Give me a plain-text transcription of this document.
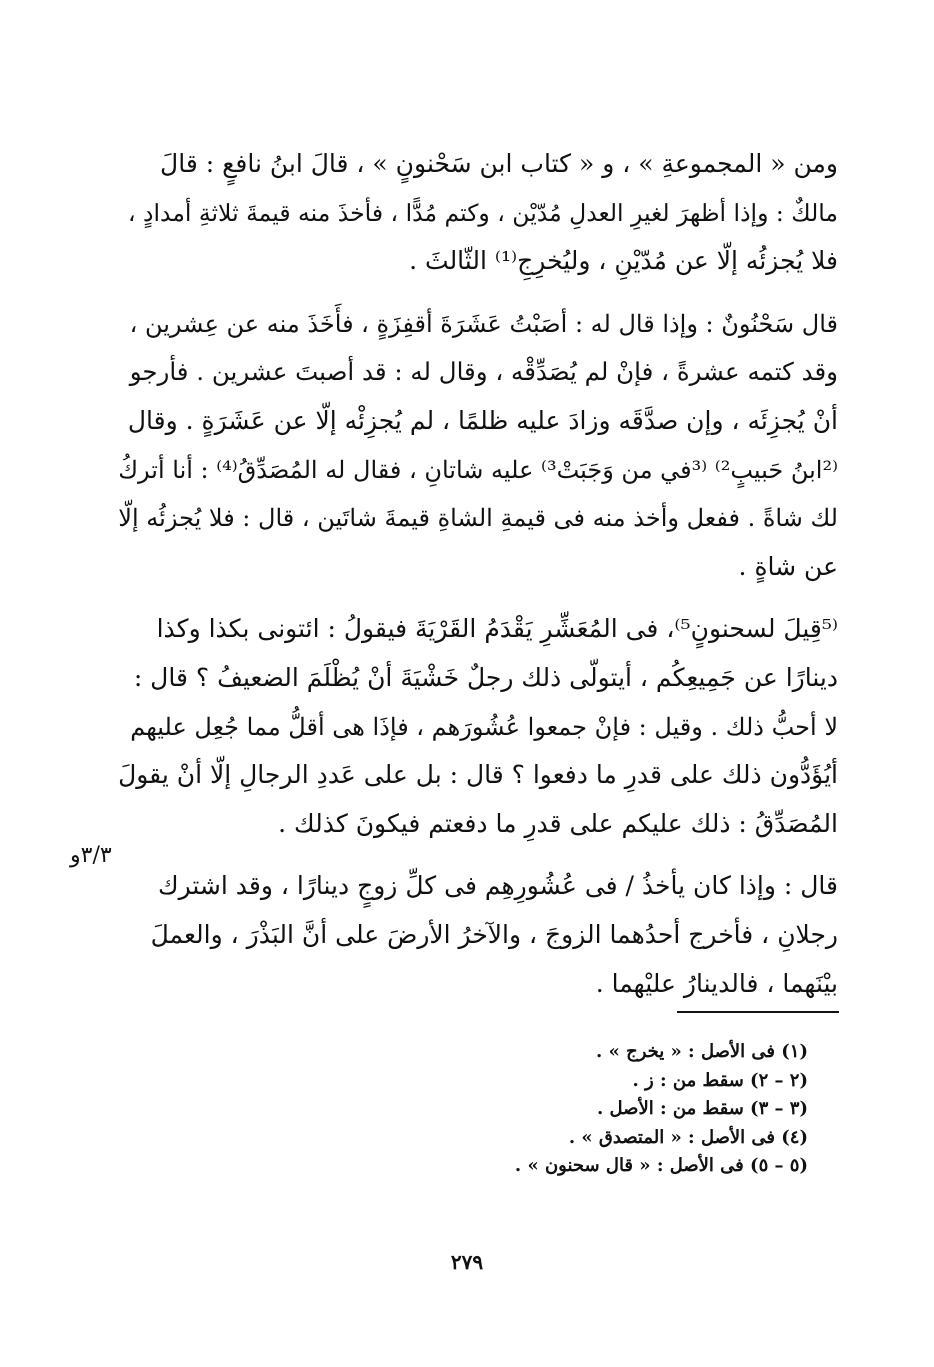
ومن « المجموعةِ » ، و « كتاب ابن سَحْنونٍ » ، قالَ ابنُ نافعٍ : قالَ
مالكٌ : وإذا أظهرَ لغيرِ العدلِ مُدّيْن ، وكتم مُدًّا ، فأخذَ منه قيمةَ ثلاثةِ أمدادٍ ،
فلا يُجزئُه إلّا عن مُدّيْنِ ، وليُخرِجِ⁽¹⁾ الثّالثَ .
قال سَحْنُونٌ : وإذا قال له : أصَبْتُ عَشَرَةَ أقفِزَةٍ ، فأَخَذَ منه عن عِشرين ،
وقد كتمه عشرةً ، فإنْ لم يُصَدِّقْه ، وقال له : قد أصبتَ عشرين . فأرجو
أنْ يُجزِئَه ، وإن صدَّقَه وزادَ عليه ظلمًا ، لم يُجزِئْه إلّا عن عَشَرَةٍ . وقال
⁽²ابنُ حَبيبٍ²⁾ ⁽³في من وَجَبَتْ³⁾ عليه شاتانِ ، فقال له المُصَدِّقُ⁽⁴⁾ : أنا أتركُ
لك شاةً . ففعل وأخذ منه فى قيمةِ الشاةِ قيمةَ شاتَين ، قال : فلا يُجزئُه إلّا
عن شاةٍ .
⁽⁵قِيلَ لسحنونٍ⁵⁾، فى المُعَشِّرِ يَقْدَمُ القَرْيَةَ فيقولُ : ائتونى بكذا وكذا
دينارًا عن جَمِيعِكُم ، أيتولّى ذلك رجلٌ خَشْيَةَ أنْ يُظْلَمَ الضعيفُ ؟ قال :
لا أحبُّ ذلك . وقيل : فإنْ جمعوا عُشُورَهم ، فإذَا هى أقلُّ مما جُعِل عليهم
أيُؤَدُّون ذلك على قدرِ ما دفعوا ؟ قال : بل على عَددِ الرجالِ إلّا أنْ يقولَ
المُصَدِّقُ : ذلك عليكم على قدرِ ما دفعتم فيكونَ كذلك .
قال : وإذا كان يأخذُ / فى عُشُورِهِم فى كلِّ زوجٍ دينارًا ، وقد اشترك
رجلانِ ، فأخرج أحدُهما الزوجَ ، والآخرُ الأرضَ على أنَّ البَذْرَ ، والعملَ
بيْنَهما ، فالدينارُ عليْهما .
٣/٣و
(١) فى الأصل : « يخرج » .
(٢ – ٢) سقط من : ز .
(٣ – ٣) سقط من : الأصل .
(٤) فى الأصل : « المتصدق » .
(٥ – ٥) فى الأصل : « قال سحنون » .
٢٧٩
